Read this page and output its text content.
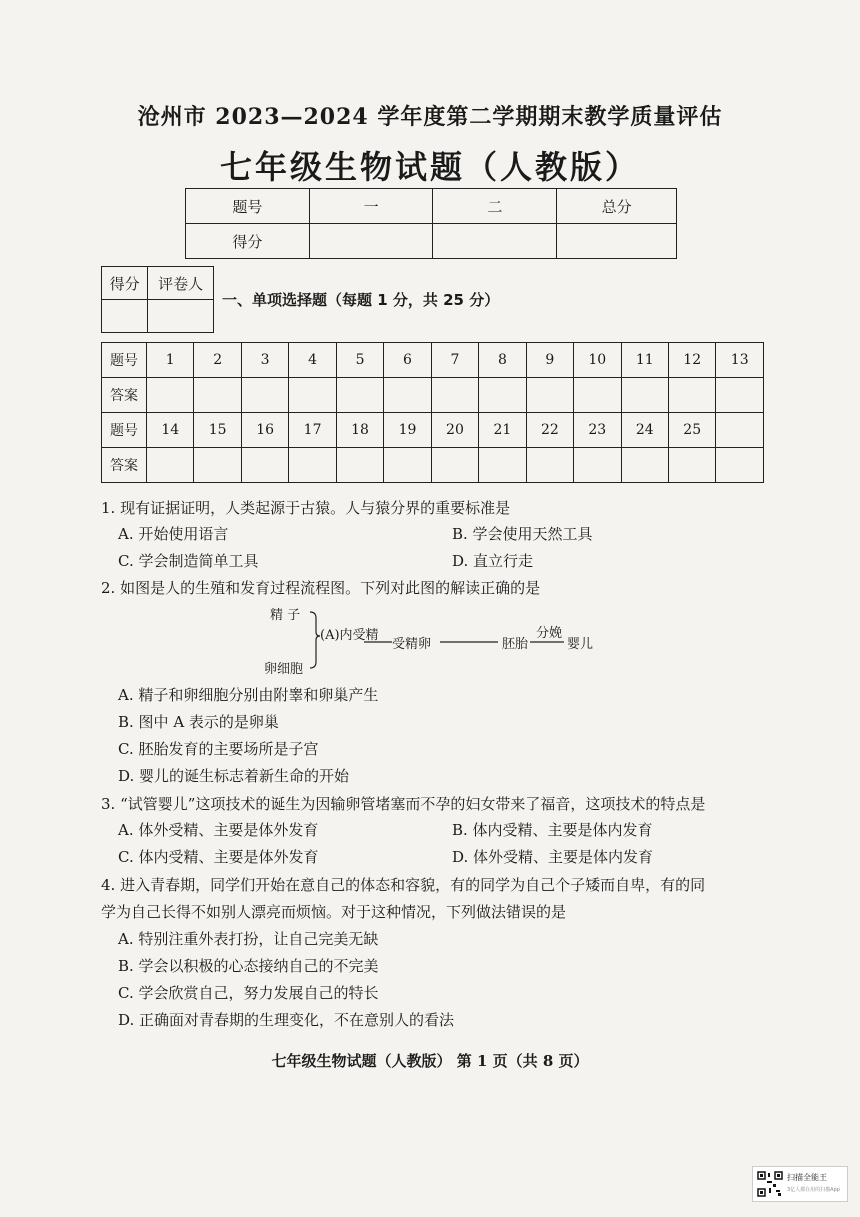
沧州市 2023—2024 学年度第二学期期末教学质量评估
七年级生物试题（人教版）
题号	一	二	总分
得分			
得分	评卷人

一、单项选择题（每题 1 分，共 25 分）
题号	1	2	3	4	5	6	7	8	9	10	11	12	13
答案													
题号	14	15	16	17	18	19	20	21	22	23	24	25	
答案													
1. 现有证据证明，人类起源于古猿。人与猿分界的重要标准是
A. 开始使用语言	B. 学会使用天然工具
C. 学会制造简单工具	D. 直立行走
2. 如图是人的生殖和发育过程流程图。下列对此图的解读正确的是
精 子
卵细胞
(A)内受精
受精卵	胚胎
分娩
婴儿
A. 精子和卵细胞分别由附睾和卵巢产生
B. 图中 A 表示的是卵巢
C. 胚胎发育的主要场所是子宫
D. 婴儿的诞生标志着新生命的开始
3. “试管婴儿”这项技术的诞生为因输卵管堵塞而不孕的妇女带来了福音，这项技术的特点是
A. 体外受精、主要是体外发育	B. 体内受精、主要是体内发育
C. 体内受精、主要是体外发育	D. 体外受精、主要是体内发育
4. 进入青春期，同学们开始在意自己的体态和容貌，有的同学为自己个子矮而自卑，有的同
学为自己长得不如别人漂亮而烦恼。对于这种情况，下列做法错误的是
A. 特别注重外表打扮，让自己完美无缺
B. 学会以积极的心态接纳自己的不完美
C. 学会欣赏自己，努力发展自己的特长
D. 正确面对青春期的生理变化，不在意别人的看法
七年级生物试题（人教版） 第 1 页（共 8 页）
扫描全能王
3亿人都在用的扫描App
